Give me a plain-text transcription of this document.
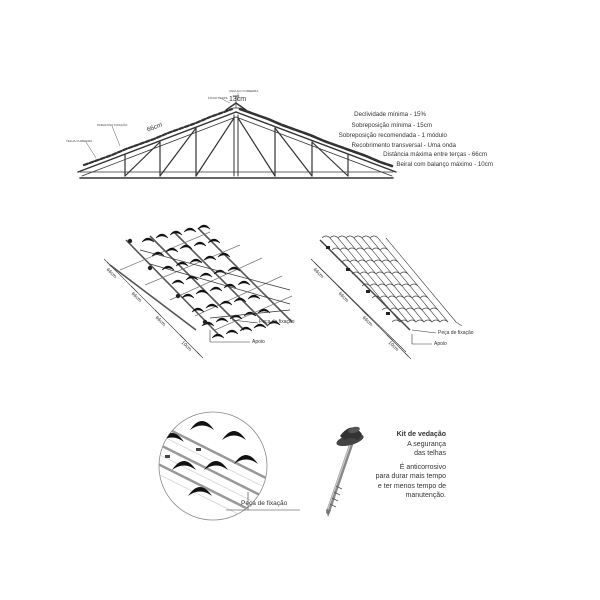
13cm
66cm
ANGULO CUMEEIRA
FIXAR PERFIL
PARAFUSO FIXAÇÃO
TELHA CUMEEIRA
Declividade mínima - 15%
Sobreposição mínima - 15cm
Sobreposição recomendada - 1 módulo
Recobrimento transversal - Uma onda
Distância máxima entre terças - 66cm
Beiral com balanço máximo - 10cm
66cm
66cm
66cm
10cm
Peça de fixação
Apoio
66cm
66cm
66cm
10cm
Peça de fixação
Apoio
Peça de fixação
Kit de vedação
A segurança
das telhas
É anticorrosivo
para durar mais tempo
e ter menos tempo de
manutenção.
